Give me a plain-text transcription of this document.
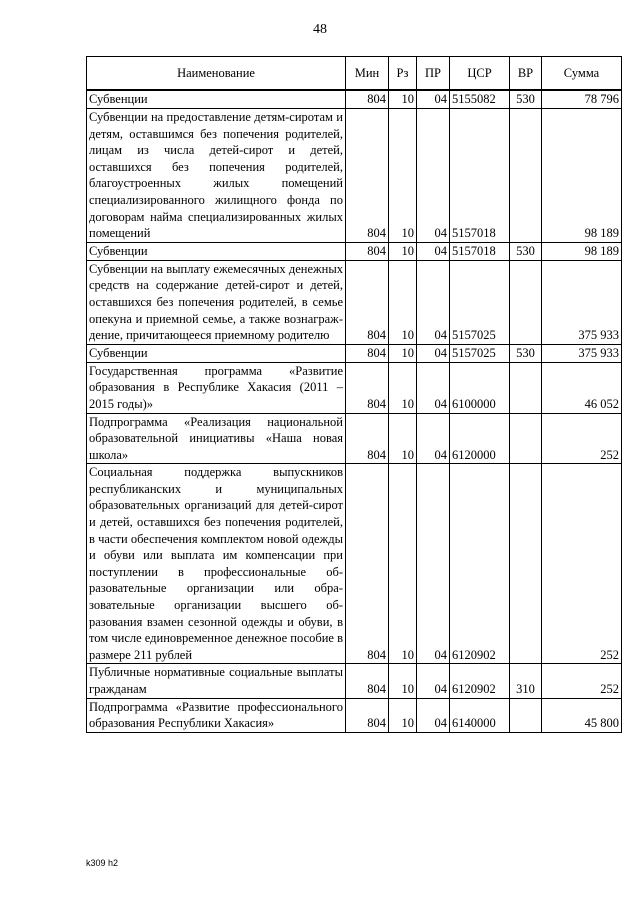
48
Наименование	Мин	Рз	ПР	ЦСР	ВР	Сумма
Субвенции	804	10	04	5155082	530	78 796
Субвенции на предоставление детям-сиротам и детям, оставшимся без попечения родителей, лицам из числа детей-сирот и детей, оставшихся без попечения родителей, благоустроенных жилых помещений специализированного жилищного фонда по договорам найма специализированных жилых помещений	804	10	04	5157018		98 189
Субвенции	804	10	04	5157018	530	98 189
Субвенции на выплату ежемесячных денежных средств на содержание детей-сирот и детей, оставшихся без попечения родителей, в семье опекуна и приемной семье, а также вознаграждение, причитающееся приемному родителю	804	10	04	5157025		375 933
Субвенции	804	10	04	5157025	530	375 933
Государственная программа «Развитие образования в Республике Хакасия (2011 – 2015 годы)»	804	10	04	6100000		46 052
Подпрограмма «Реализация национальной образовательной инициативы «Наша новая школа»	804	10	04	6120000		252
Социальная поддержка выпускников республиканских и муниципальных образовательных организаций для детей-сирот и детей, оставшихся без попечения родителей, в части обеспечения комплектом новой одежды и обуви или выплата им компенсации при поступлении в профессиональные образовательные организации или образовательные организации высшего образования взамен сезонной одежды и обуви, в том числе единовременное денежное пособие в размере 211 рублей	804	10	04	6120902		252
Публичные нормативные социальные выплаты гражданам	804	10	04	6120902	310	252
Подпрограмма «Развитие профессионального образования Республики Хакасия»	804	10	04	6140000		45 800
k309 h2
